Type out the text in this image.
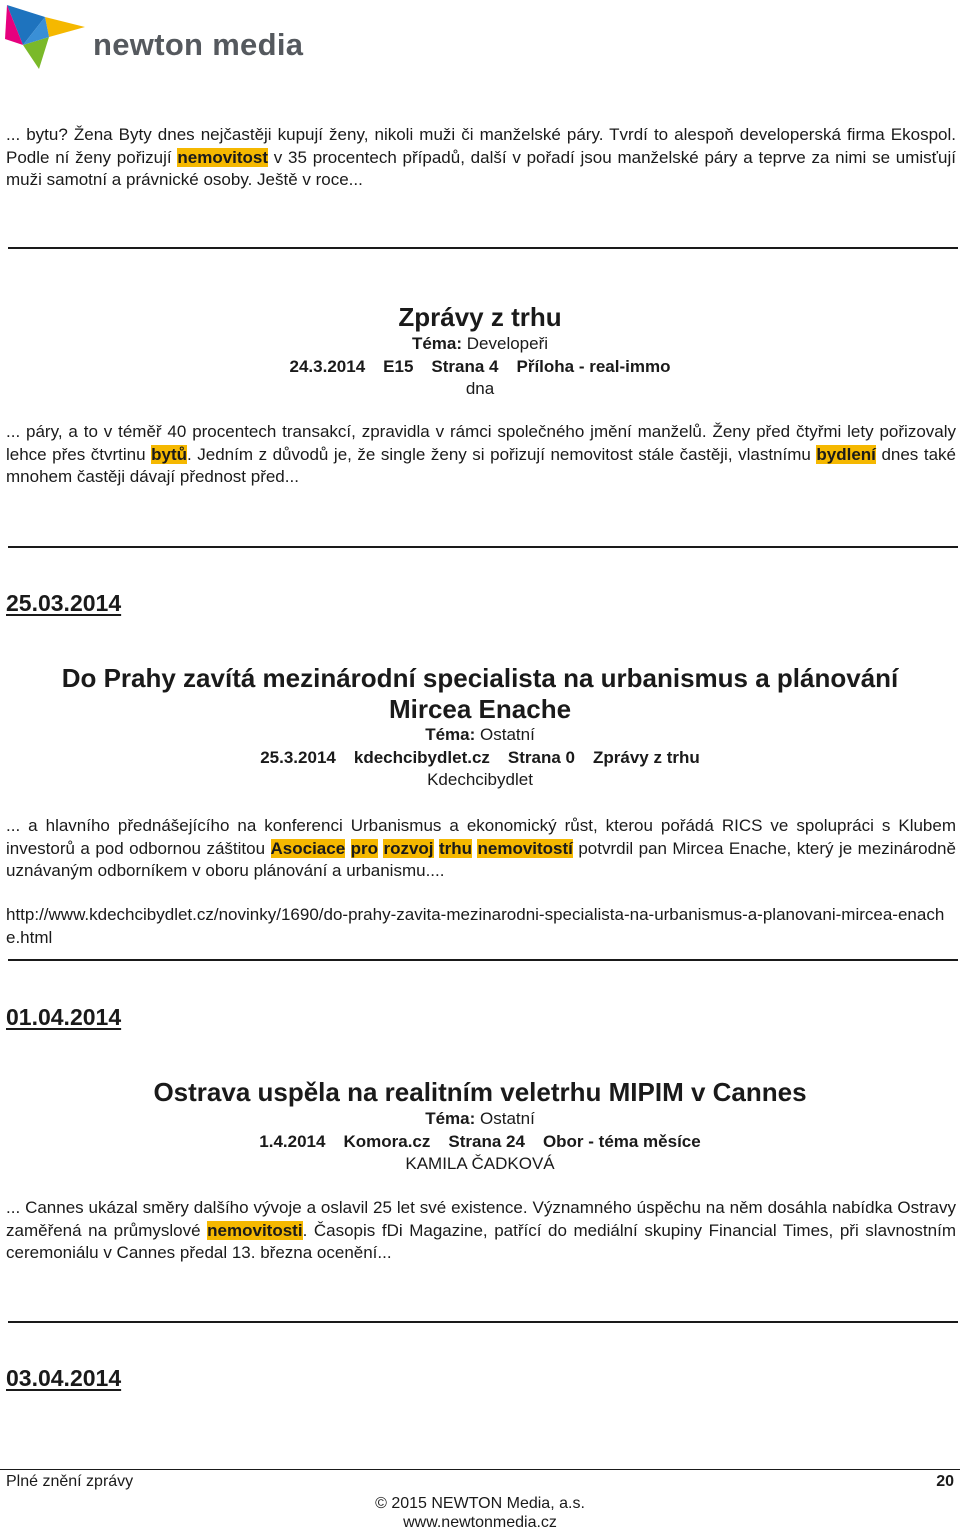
newton media
... bytu? Žena Byty dnes nejčastěji kupují ženy, nikoli muži či manželské páry. Tvrdí to alespoň developerská firma Ekospol. Podle ní ženy pořizují nemovitost v 35 procentech případů, další v pořadí jsou manželské páry a teprve za nimi se umisťují muži samotní a právnické osoby. Ještě v roce...
Zprávy z trhu
Téma: Developeři
24.3.2014 E15 Strana 4 Příloha - real-immo
dna
... páry, a to v téměř 40 procentech transakcí, zpravidla v rámci společného jmění manželů. Ženy před čtyřmi lety pořizovaly lehce přes čtvrtinu bytů. Jedním z důvodů je, že single ženy si pořizují nemovitost stále častěji, vlastnímu bydlení dnes také mnohem častěji dávají přednost před...
25.03.2014
Do Prahy zavítá mezinárodní specialista na urbanismus a plánování
Mircea Enache
Téma: Ostatní
25.3.2014 kdechcibydlet.cz Strana 0 Zprávy z trhu
Kdechcibydlet
... a hlavního přednášejícího na konferenci Urbanismus a ekonomický růst, kterou pořádá RICS ve spolupráci s Klubem investorů a pod odbornou záštitou Asociace pro rozvoj trhu nemovitostí potvrdil pan Mircea Enache, který je mezinárodně uznávaným odborníkem v oboru plánování a urbanismu....
http://www.kdechcibydlet.cz/novinky/1690/do-prahy-zavita-mezinarodni-specialista-na-urbanismus-a-planovani-mircea-enache.html
01.04.2014
Ostrava uspěla na realitním veletrhu MIPIM v Cannes
Téma: Ostatní
1.4.2014 Komora.cz Strana 24 Obor - téma měsíce
KAMILA ČADKOVÁ
... Cannes ukázal směry dalšího vývoje a oslavil 25 let své existence. Významného úspěchu na něm dosáhla nabídka Ostravy zaměřená na průmyslové nemovitosti. Časopis fDi Magazine, patřící do mediální skupiny Financial Times, při slavnostním ceremoniálu v Cannes předal 13. března ocenění...
03.04.2014
Plné znění zprávy	20
© 2015 NEWTON Media, a.s.
www.newtonmedia.cz
